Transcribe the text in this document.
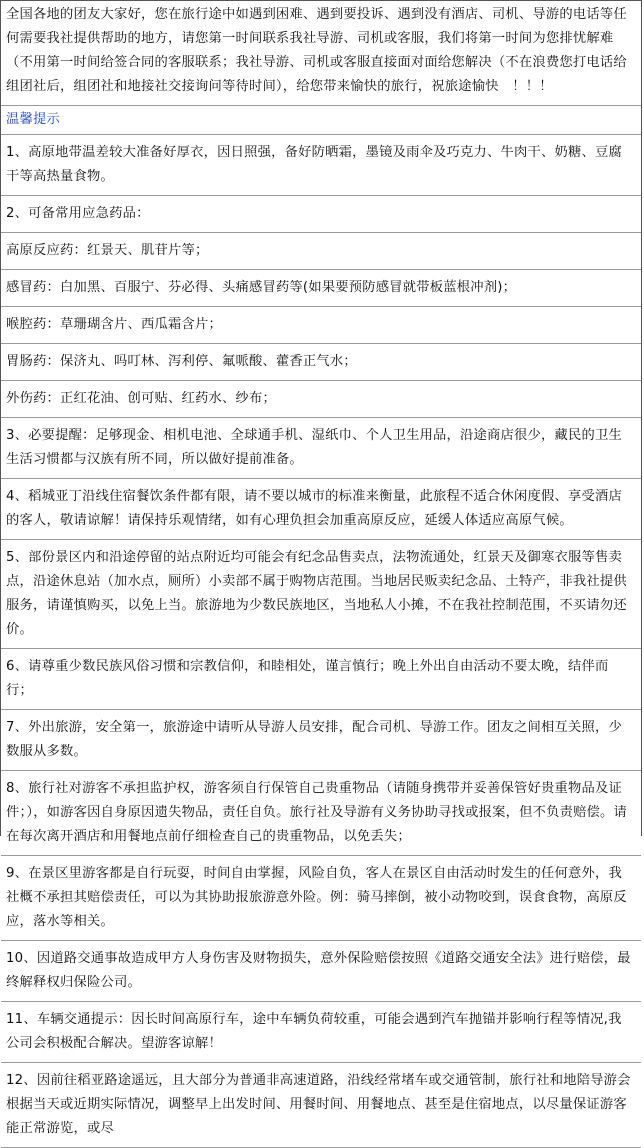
全国各地的团友大家好，您在旅行途中如遇到困难、遇到要投诉、遇到没有酒店、司机、导游的电话等任何需要我社提供帮助的地方，请您第一时间联系我社导游、司机或客服，我们将第一时间为您排忧解难（不用第一时间给签合同的客服联系；我社导游、司机或客服直接面对面给您解决（不在浪费您打电话给组团社后，组团社和地接社交接询问等待时间），给您带来愉快的旅行，祝旅途愉快　！！！
温馨提示
1、高原地带温差较大准备好厚衣，因日照强，备好防晒霜，墨镜及雨伞及巧克力、牛肉干、奶糖、豆腐干等高热量食物。
2、可备常用应急药品：
高原反应药：红景天、肌苷片等；
感冒药：白加黑、百服宁、芬必得、头痛感冒药等(如果要预防感冒就带板蓝根冲剂)；
喉腔药：草珊瑚含片、西瓜霜含片；
胃肠药：保济丸、吗叮林、泻利停、氟哌酸、藿香正气水；
外伤药：正红花油、创可贴、红药水、纱布；
3、必要提醒：足够现金、相机电池、全球通手机、湿纸巾、个人卫生用品，沿途商店很少，藏民的卫生生活习惯都与汉族有所不同，所以做好提前准备。
4、稻城亚丁沿线住宿餐饮条件都有限，请不要以城市的标准来衡量，此旅程不适合休闲度假、享受酒店的客人，敬请谅解！请保持乐观情绪，如有心理负担会加重高原反应，延缓人体适应高原气候。
5、部份景区内和沿途停留的站点附近均可能会有纪念品售卖点，法物流通处，红景天及御寒衣服等售卖点，沿途休息站（加水点，厕所）小卖部不属于购物店范围。当地居民贩卖纪念品、土特产，非我社提供服务，请谨慎购买，以免上当。旅游地为少数民族地区，当地私人小摊，不在我社控制范围，不买请勿还价。
6、请尊重少数民族风俗习惯和宗教信仰，和睦相处，谨言慎行；晚上外出自由活动不要太晚，结伴而行；
7、外出旅游，安全第一，旅游途中请听从导游人员安排，配合司机、导游工作。团友之间相互关照，少数服从多数。
8、旅行社对游客不承担监护权，游客须自行保管自己贵重物品（请随身携带并妥善保管好贵重物品及证件；），如游客因自身原因遗失物品，责任自负。旅行社及导游有义务协助寻找或报案，但不负责赔偿。请在每次离开酒店和用餐地点前仔细检查自己的贵重物品，以免丢失；
9、在景区里游客都是自行玩耍，时间自由掌握，风险自负，客人在景区自由活动时发生的任何意外，我社概不承担其赔偿责任，可以为其协助报旅游意外险。例：骑马摔倒，被小动物咬到，误食食物，高原反应，落水等相关。
10、因道路交通事故造成甲方人身伤害及财物损失，意外保险赔偿按照《道路交通安全法》进行赔偿，最终解释权归保险公司。
11、车辆交通提示：因长时间高原行车，途中车辆负荷较重，可能会遇到汽车抛锚并影响行程等情况,我公司会积极配合解决。望游客谅解！
12、因前往稻亚路途遥远，且大部分为普通非高速道路，沿线经常堵车或交通管制，旅行社和地陪导游会根据当天或近期实际情况，调整早上出发时间、用餐时间、用餐地点、甚至是住宿地点，以尽量保证游客能正常游览，或尽
